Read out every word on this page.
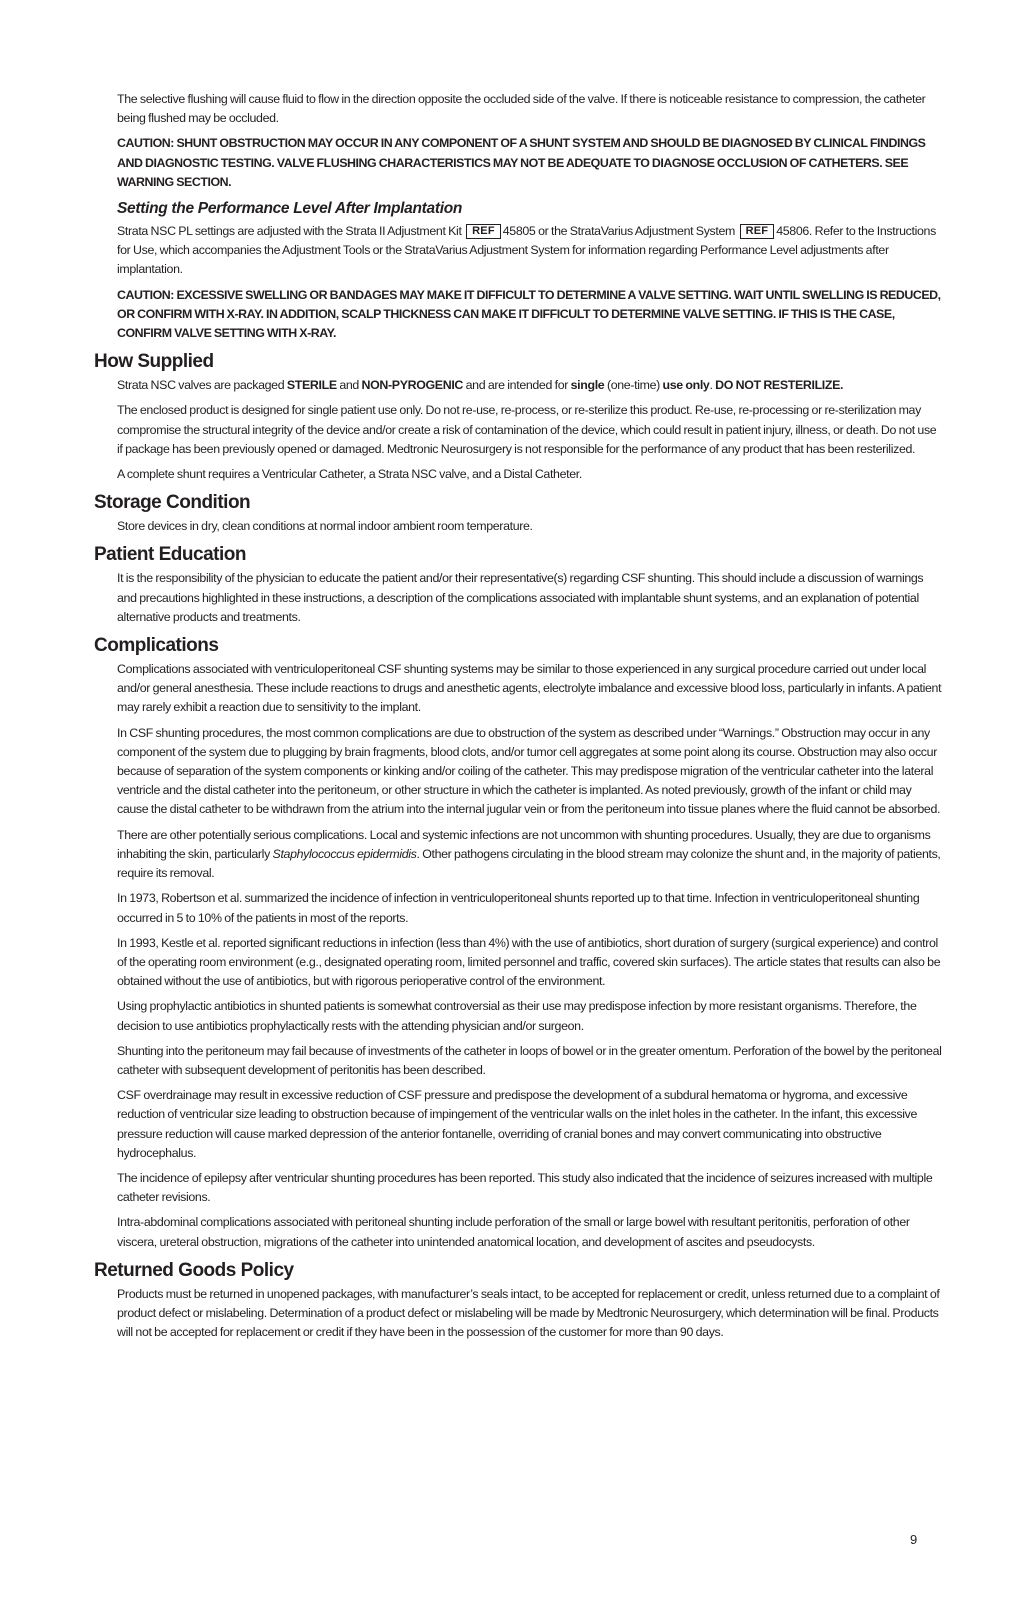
The selective flushing will cause fluid to flow in the direction opposite the occluded side of the valve. If there is noticeable resistance to compression, the catheter being flushed may be occluded.

CAUTION: SHUNT OBSTRUCTION MAY OCCUR IN ANY COMPONENT OF A SHUNT SYSTEM AND SHOULD BE DIAGNOSED BY CLINICAL FINDINGS AND DIAGNOSTIC TESTING. VALVE FLUSHING CHARACTERISTICS MAY NOT BE ADEQUATE TO DIAGNOSE OCCLUSION OF CATHETERS. SEE WARNING SECTION.

Setting the Performance Level After Implantation

Strata NSC PL settings are adjusted with the Strata II Adjustment Kit REF 45805 or the StrataVarius Adjustment System REF 45806. Refer to the Instructions for Use, which accompanies the Adjustment Tools or the StrataVarius Adjustment System for information regarding Performance Level adjustments after implantation.

CAUTION: EXCESSIVE SWELLING OR BANDAGES MAY MAKE IT DIFFICULT TO DETERMINE A VALVE SETTING. WAIT UNTIL SWELLING IS REDUCED, OR CONFIRM WITH X-RAY. IN ADDITION, SCALP THICKNESS CAN MAKE IT DIFFICULT TO DETERMINE VALVE SETTING. IF THIS IS THE CASE, CONFIRM VALVE SETTING WITH X-RAY.

How Supplied

Strata NSC valves are packaged STERILE and NON-PYROGENIC and are intended for single (one-time) use only. DO NOT RESTERILIZE.

The enclosed product is designed for single patient use only. Do not re-use, re-process, or re-sterilize this product. Re-use, re-processing or re-sterilization may compromise the structural integrity of the device and/or create a risk of contamination of the device, which could result in patient injury, illness, or death. Do not use if package has been previously opened or damaged. Medtronic Neurosurgery is not responsible for the performance of any product that has been resterilized.

A complete shunt requires a Ventricular Catheter, a Strata NSC valve, and a Distal Catheter.

Storage Condition

Store devices in dry, clean conditions at normal indoor ambient room temperature.

Patient Education

It is the responsibility of the physician to educate the patient and/or their representative(s) regarding CSF shunting. This should include a discussion of warnings and precautions highlighted in these instructions, a description of the complications associated with implantable shunt systems, and an explanation of potential alternative products and treatments.

Complications

Complications associated with ventriculoperitoneal CSF shunting systems may be similar to those experienced in any surgical procedure carried out under local and/or general anesthesia. These include reactions to drugs and anesthetic agents, electrolyte imbalance and excessive blood loss, particularly in infants. A patient may rarely exhibit a reaction due to sensitivity to the implant.

In CSF shunting procedures, the most common complications are due to obstruction of the system as described under “Warnings.” Obstruction may occur in any component of the system due to plugging by brain fragments, blood clots, and/or tumor cell aggregates at some point along its course. Obstruction may also occur because of separation of the system components or kinking and/or coiling of the catheter. This may predispose migration of the ventricular catheter into the lateral ventricle and the distal catheter into the peritoneum, or other structure in which the catheter is implanted. As noted previously, growth of the infant or child may cause the distal catheter to be withdrawn from the atrium into the internal jugular vein or from the peritoneum into tissue planes where the fluid cannot be absorbed.

There are other potentially serious complications. Local and systemic infections are not uncommon with shunting procedures. Usually, they are due to organisms inhabiting the skin, particularly Staphylococcus epidermidis. Other pathogens circulating in the blood stream may colonize the shunt and, in the majority of patients, require its removal.

In 1973, Robertson et al. summarized the incidence of infection in ventriculoperitoneal shunts reported up to that time. Infection in ventriculoperitoneal shunting occurred in 5 to 10% of the patients in most of the reports.

In 1993, Kestle et al. reported significant reductions in infection (less than 4%) with the use of antibiotics, short duration of surgery (surgical experience) and control of the operating room environment (e.g., designated operating room, limited personnel and traffic, covered skin surfaces). The article states that results can also be obtained without the use of antibiotics, but with rigorous perioperative control of the environment.

Using prophylactic antibiotics in shunted patients is somewhat controversial as their use may predispose infection by more resistant organisms. Therefore, the decision to use antibiotics prophylactically rests with the attending physician and/or surgeon.

Shunting into the peritoneum may fail because of investments of the catheter in loops of bowel or in the greater omentum. Perforation of the bowel by the peritoneal catheter with subsequent development of peritonitis has been described.

CSF overdrainage may result in excessive reduction of CSF pressure and predispose the development of a subdural hematoma or hygroma, and excessive reduction of ventricular size leading to obstruction because of impingement of the ventricular walls on the inlet holes in the catheter. In the infant, this excessive pressure reduction will cause marked depression of the anterior fontanelle, overriding of cranial bones and may convert communicating into obstructive hydrocephalus.

The incidence of epilepsy after ventricular shunting procedures has been reported. This study also indicated that the incidence of seizures increased with multiple catheter revisions.

Intra-abdominal complications associated with peritoneal shunting include perforation of the small or large bowel with resultant peritonitis, perforation of other viscera, ureteral obstruction, migrations of the catheter into unintended anatomical location, and development of ascites and pseudocysts.

Returned Goods Policy

Products must be returned in unopened packages, with manufacturer’s seals intact, to be accepted for replacement or credit, unless returned due to a complaint of product defect or mislabeling. Determination of a product defect or mislabeling will be made by Medtronic Neurosurgery, which determination will be final. Products will not be accepted for replacement or credit if they have been in the possession of the customer for more than 90 days.

9
